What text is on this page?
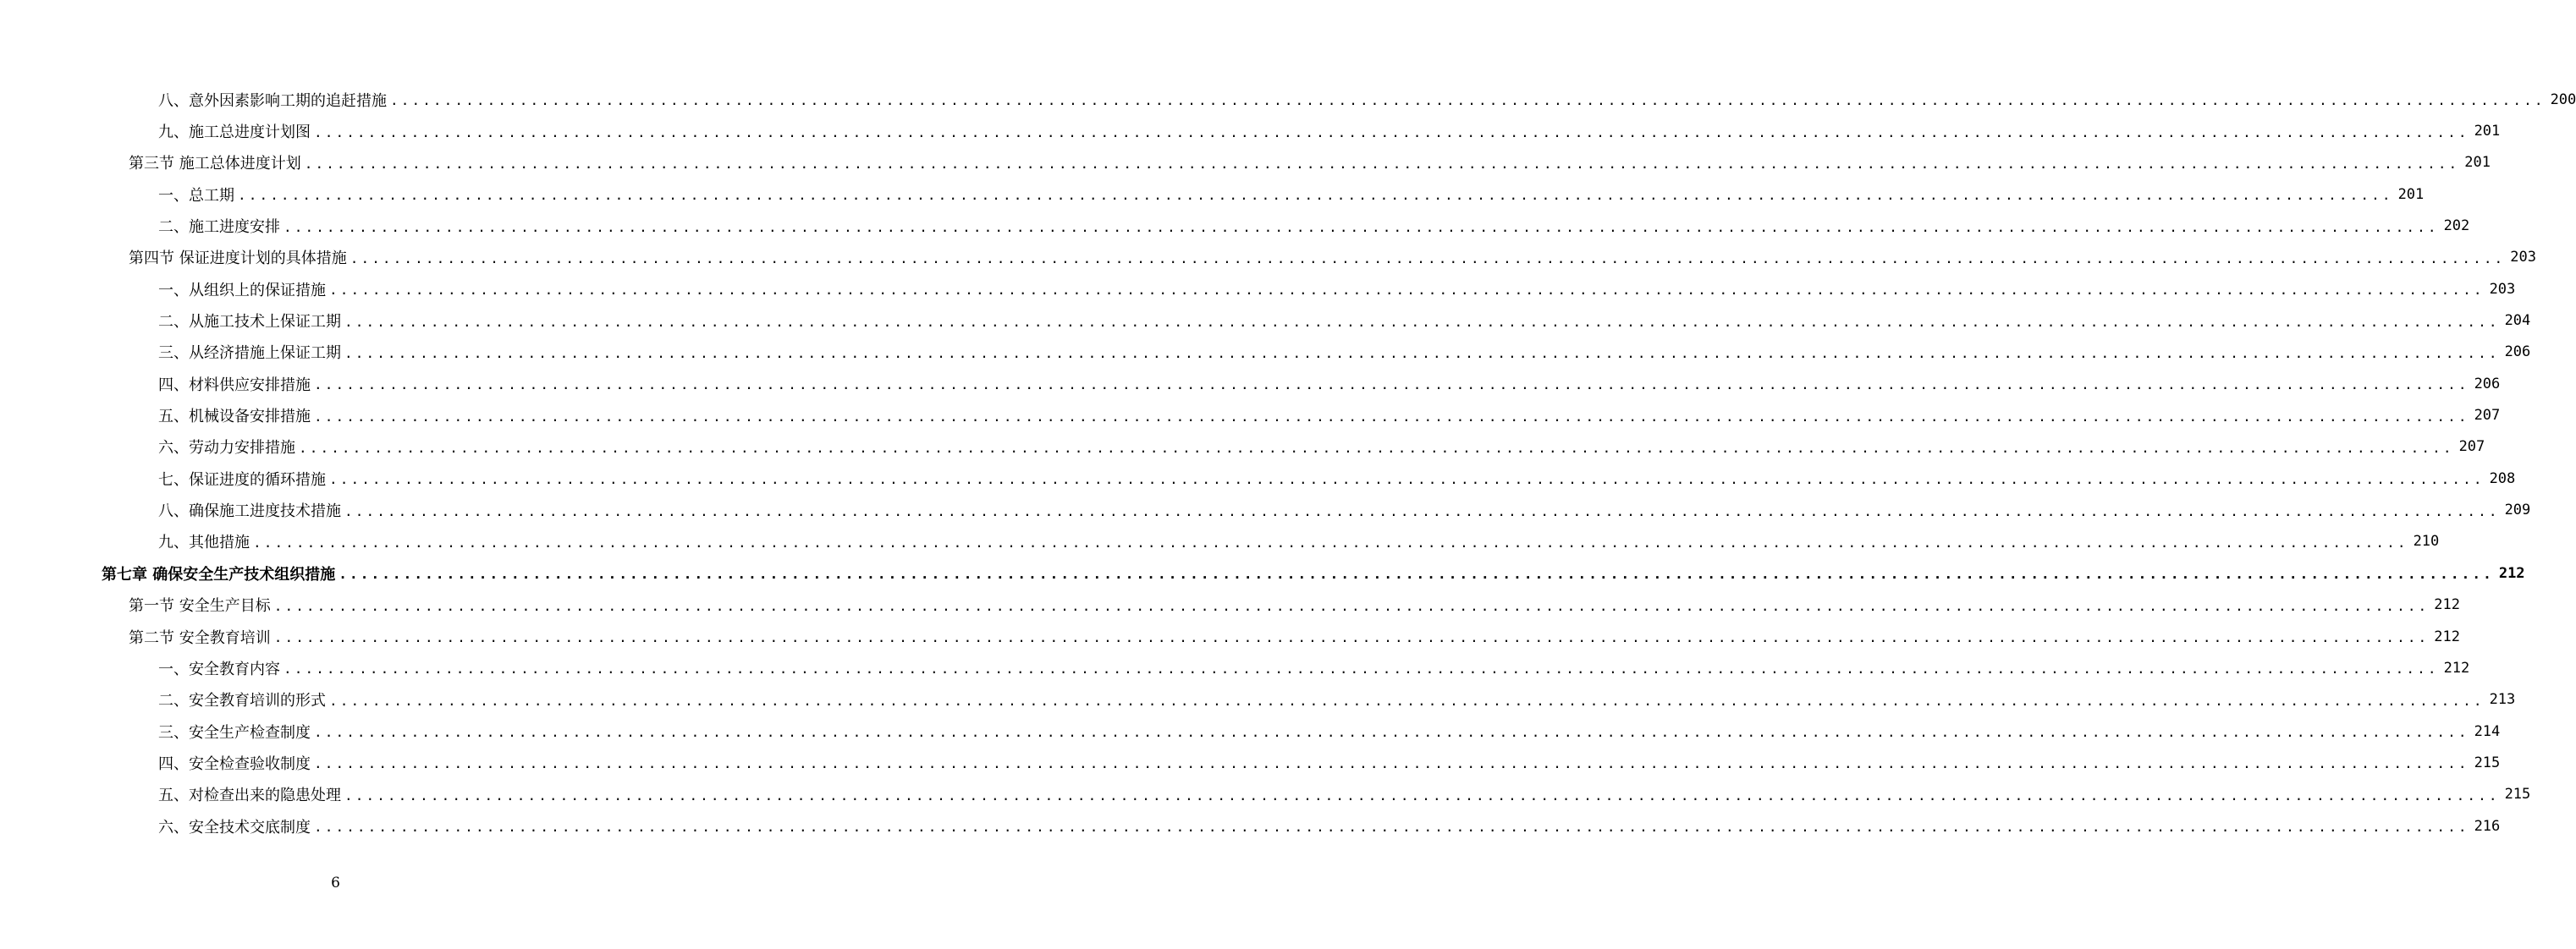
八、意外因素影响工期的追赶措施 ........................................................................................................................................................................................................ 200
九、施工总进度计划图 ........................................................................................................................................................................................................ 201
第三节 施工总体进度计划 ........................................................................................................................................................................................................ 201
一、总工期 ........................................................................................................................................................................................................ 201
二、施工进度安排 ........................................................................................................................................................................................................ 202
第四节 保证进度计划的具体措施 ........................................................................................................................................................................................................ 203
一、从组织上的保证措施 ........................................................................................................................................................................................................ 203
二、从施工技术上保证工期 ........................................................................................................................................................................................................ 204
三、从经济措施上保证工期 ........................................................................................................................................................................................................ 206
四、材料供应安排措施 ........................................................................................................................................................................................................ 206
五、机械设备安排措施 ........................................................................................................................................................................................................ 207
六、劳动力安排措施 ........................................................................................................................................................................................................ 207
七、保证进度的循环措施 ........................................................................................................................................................................................................ 208
八、确保施工进度技术措施 ........................................................................................................................................................................................................ 209
九、其他措施 ........................................................................................................................................................................................................ 210
第七章 确保安全生产技术组织措施 ........................................................................................................................................................................................................ 212
第一节 安全生产目标 ........................................................................................................................................................................................................ 212
第二节 安全教育培训 ........................................................................................................................................................................................................ 212
一、安全教育内容 ........................................................................................................................................................................................................ 212
二、安全教育培训的形式 ........................................................................................................................................................................................................ 213
三、安全生产检查制度 ........................................................................................................................................................................................................ 214
四、安全检查验收制度 ........................................................................................................................................................................................................ 215
五、对检查出来的隐患处理 ........................................................................................................................................................................................................ 215
六、安全技术交底制度 ........................................................................................................................................................................................................ 216
6
